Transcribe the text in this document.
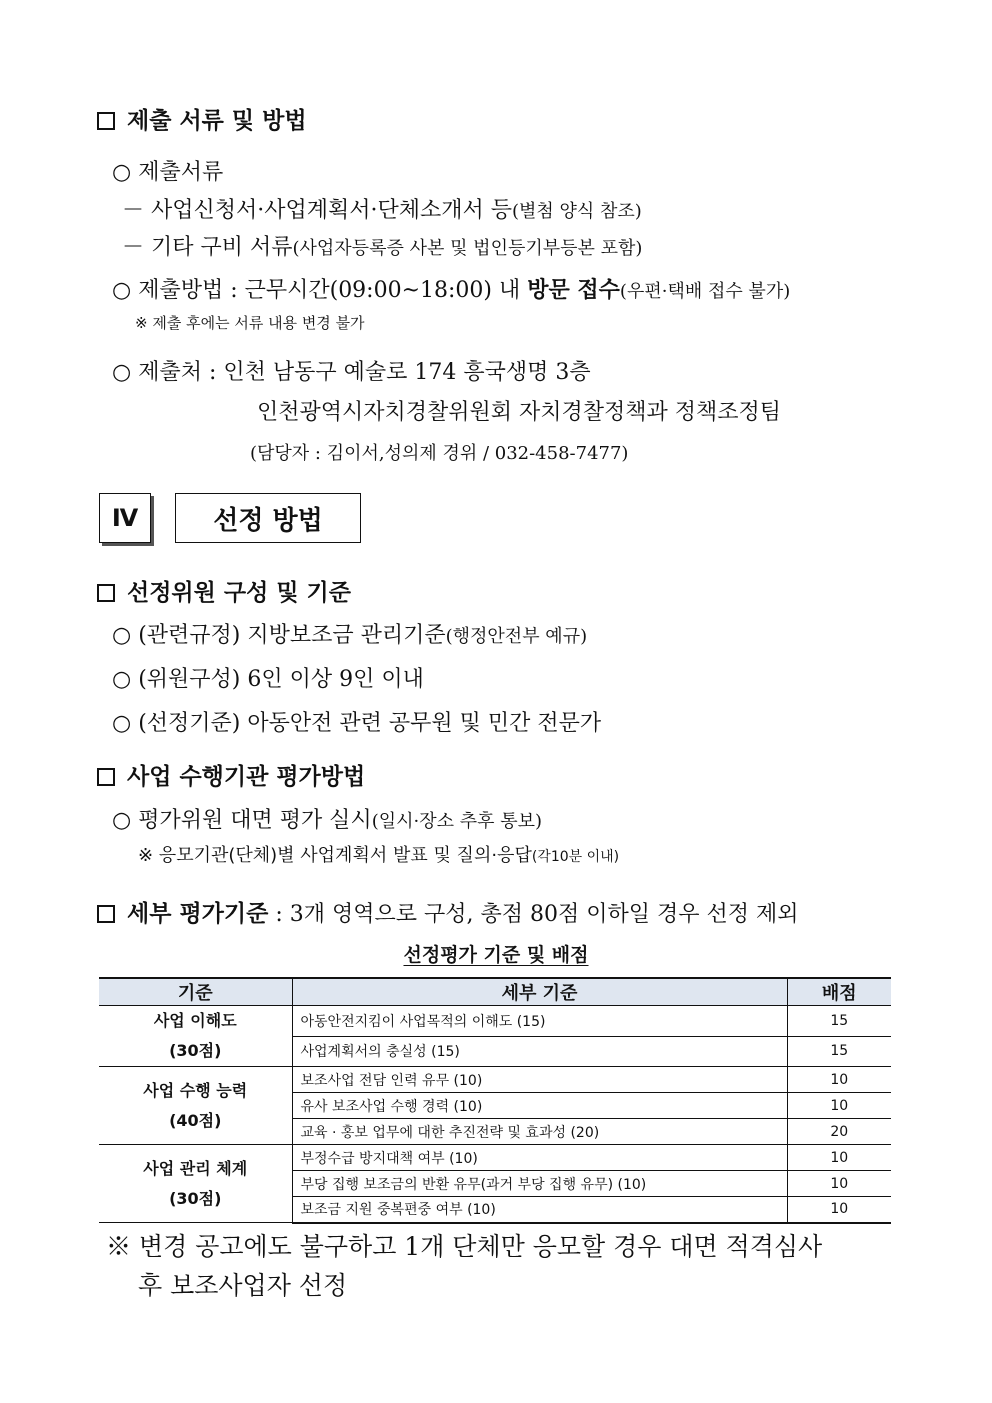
제출 서류 및 방법
○ 제출서류
－ 사업신청서·사업계획서·단체소개서 등(별첨 양식 참조)
－ 기타 구비 서류(사업자등록증 사본 및 법인등기부등본 포함)
○ 제출방법 : 근무시간(09:00~18:00) 내 방문 접수(우편·택배 접수 불가)
※ 제출 후에는 서류 내용 변경 불가
○ 제출처 : 인천 남동구 예술로 174 흥국생명 3층
인천광역시자치경찰위원회 자치경찰정책과 정책조정팀
(담당자 : 김이서,성의제 경위 / 032-458-7477)
Ⅳ	선정 방법
선정위원 구성 및 기준
○ (관련규정) 지방보조금 관리기준(행정안전부 예규)
○ (위원구성) 6인 이상 9인 이내
○ (선정기준) 아동안전 관련 공무원 및 민간 전문가
사업 수행기관 평가방법
○ 평가위원 대면 평가 실시(일시·장소 추후 통보)
※ 응모기관(단체)별 사업계획서 발표 및 질의·응답(각10분 이내)
세부 평가기준 : 3개 영역으로 구성, 총점 80점 이하일 경우 선정 제외
선정평가 기준 및 배점
기준	세부 기준	배점

사업 이해도
(30점)	아동안전지킴이 사업목적의 이해도 (15)	15
	사업계획서의 충실성 (15)	15

사업 수행 능력
(40점)	보조사업 전담 인력 유무 (10)	10
	유사 보조사업 수행 경력 (10)	10
	교육 · 홍보 업무에 대한 추진전략 및 효과성 (20)	20

사업 관리 체계
(30점)	부정수급 방지대책 여부 (10)	10
	부당 집행 보조금의 반환 유무(과거 부당 집행 유무) (10)	10
	보조금 지원 중복편중 여부 (10)	10
※ 변경 공고에도 불구하고 1개 단체만 응모할 경우 대면 적격심사
후 보조사업자 선정
